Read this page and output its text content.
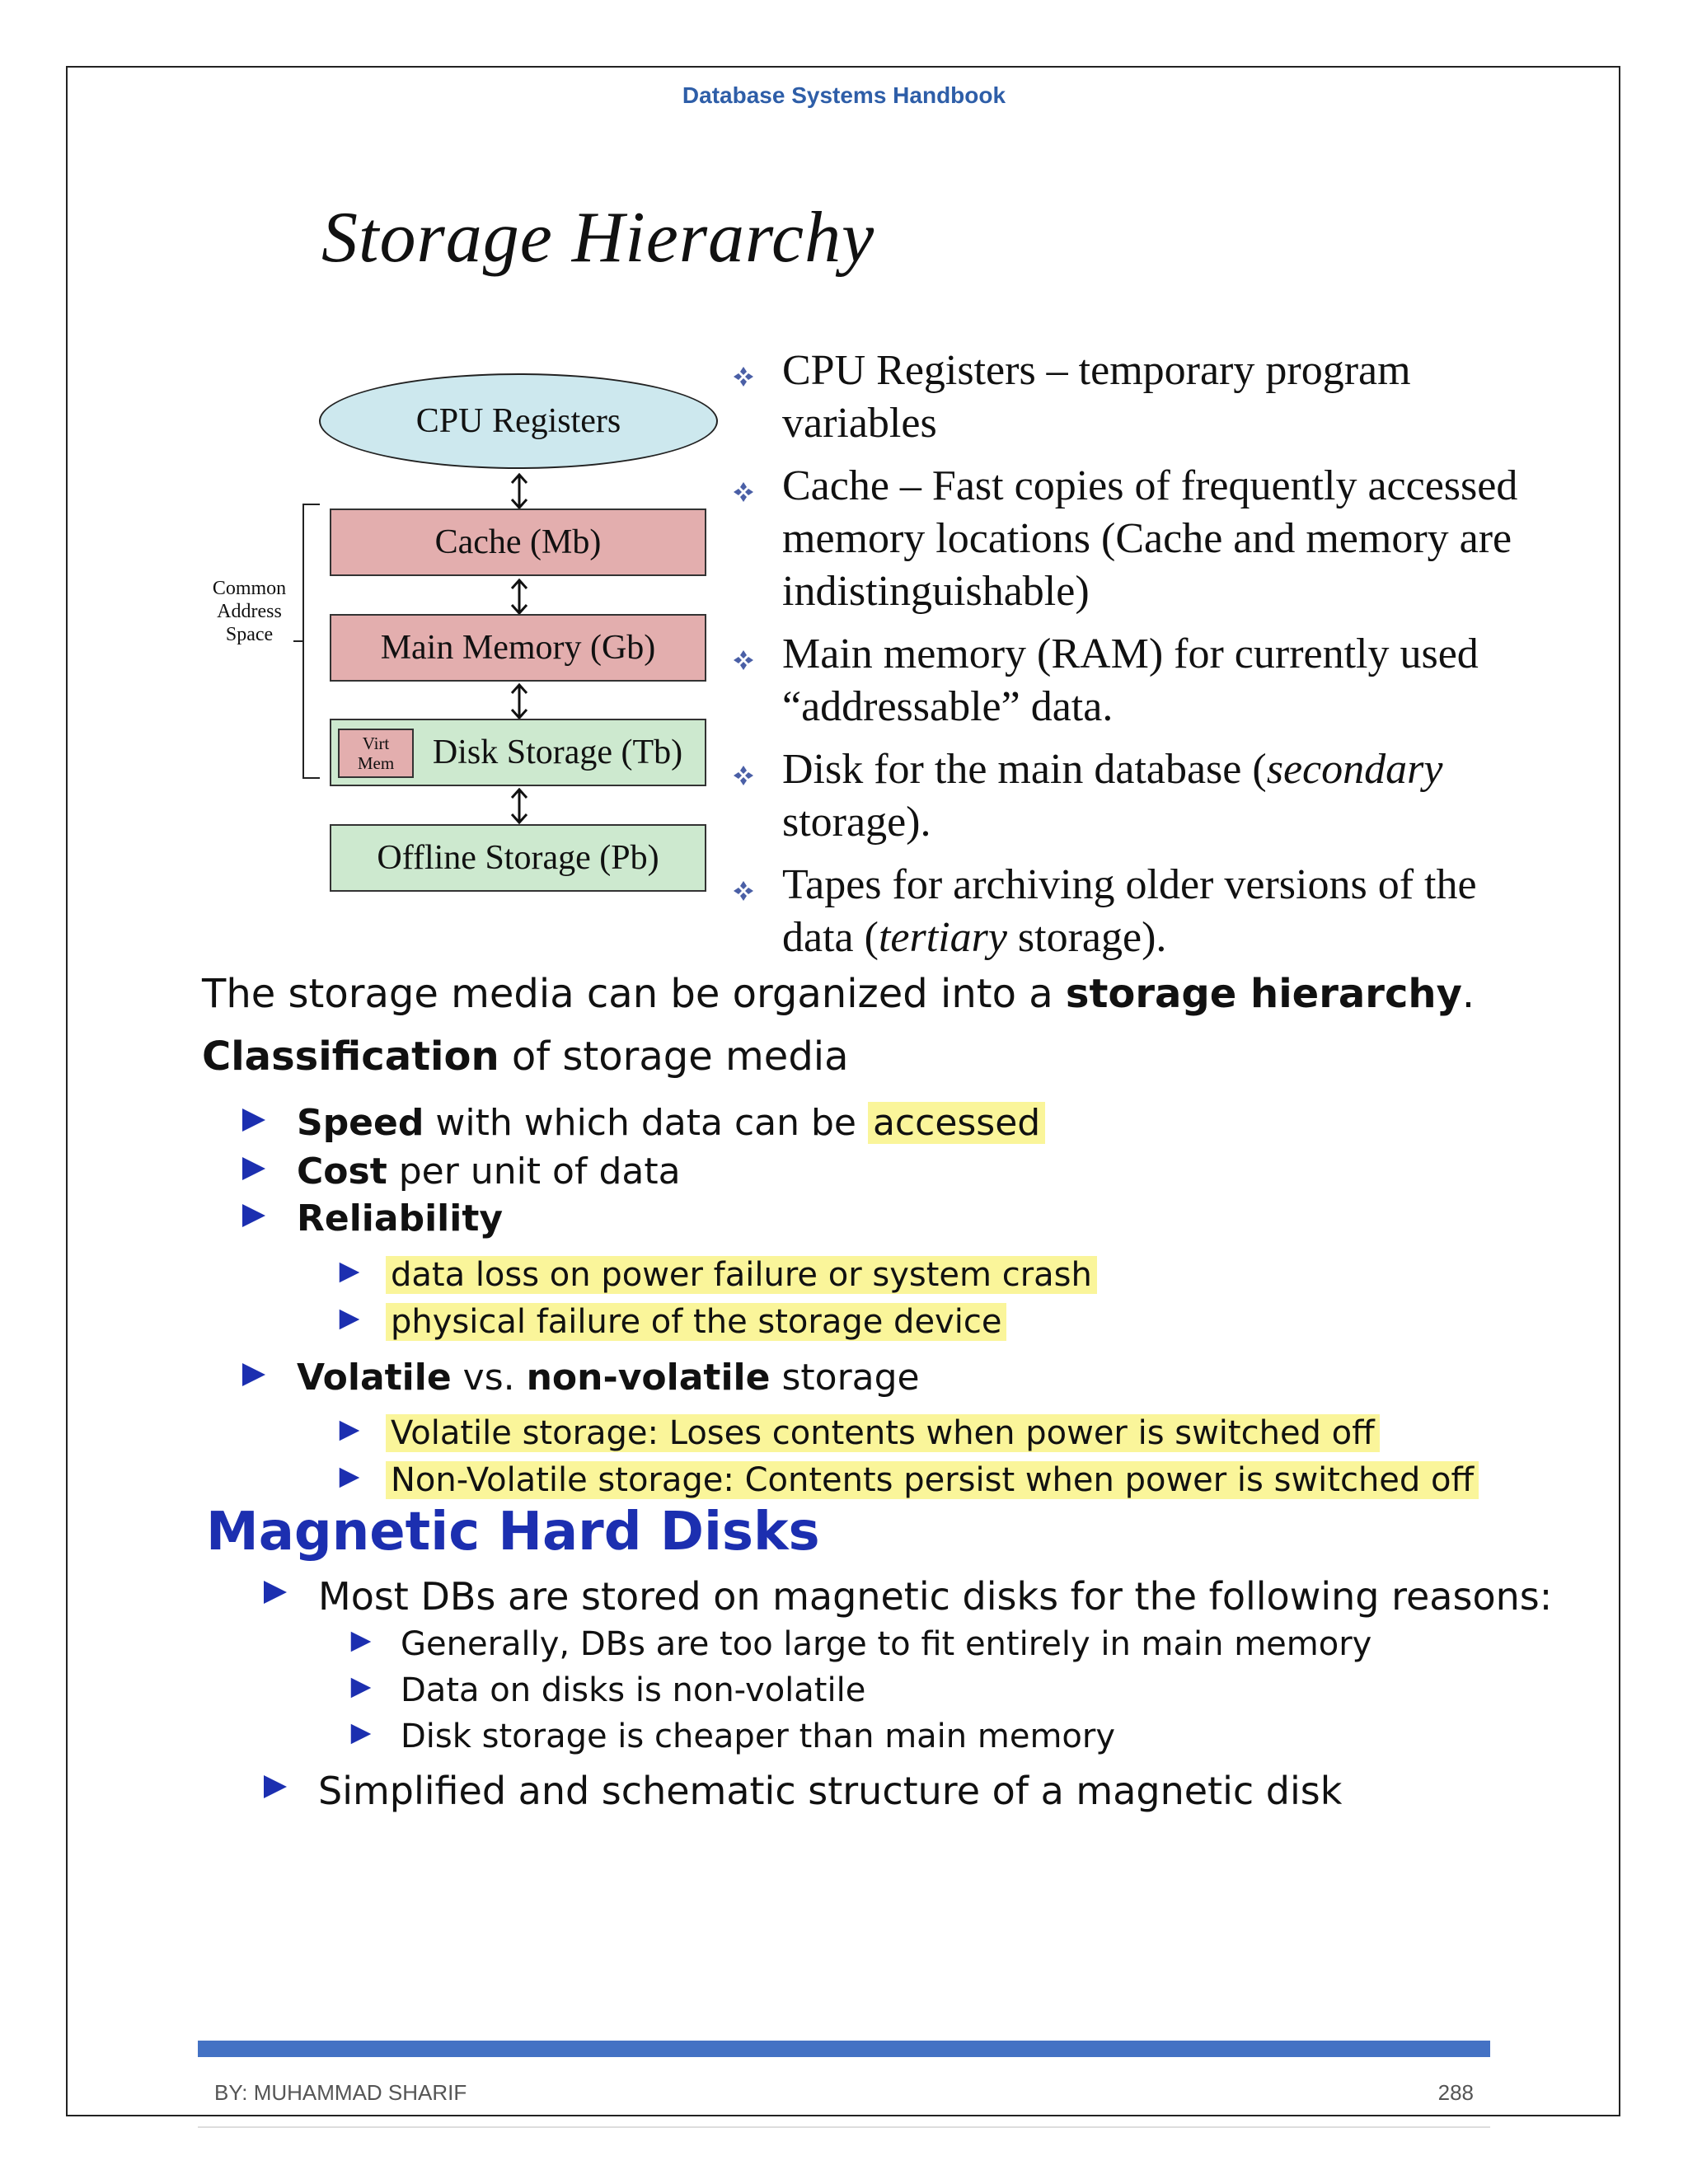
Database Systems Handbook
Storage Hierarchy
CPU Registers
Cache (Mb)
Main Memory (Gb)
Virt
Mem	Disk Storage (Tb)
Offline Storage (Pb)
Common
Address
Space
CPU Registers – temporary program variables
Cache – Fast copies of frequently accessed memory locations (Cache and memory are indistinguishable)
Main memory (RAM) for currently used “addressable” data.
Disk for the main database (secondary storage).
Tapes for archiving older versions of the data (tertiary storage).
The storage media can be organized into a storage hierarchy.
Classification of storage media
Speed with which data can be accessed
Cost per unit of data
Reliability
data loss on power failure or system crash
physical failure of the storage device
Volatile vs. non-volatile storage
Volatile storage: Loses contents when power is switched off
Non-Volatile storage: Contents persist when power is switched off
Magnetic Hard Disks
Most DBs are stored on magnetic disks for the following reasons:
Generally, DBs are too large to fit entirely in main memory
Data on disks is non-volatile
Disk storage is cheaper than main memory
Simplified and schematic structure of a magnetic disk
BY: MUHAMMAD SHARIF	288
